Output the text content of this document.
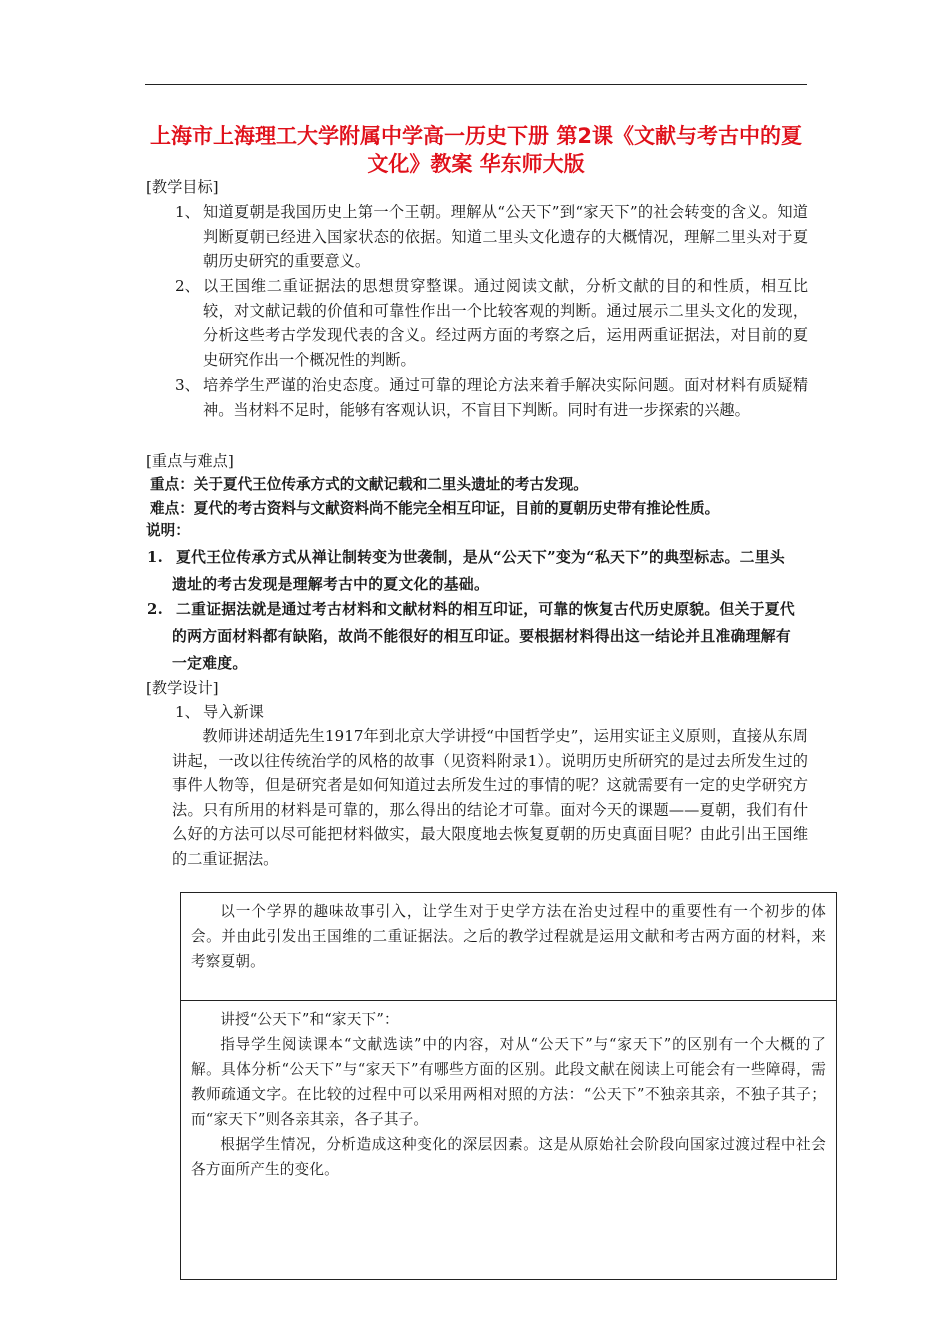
上海市上海理工大学附属中学高一历史下册 第2课《文献与考古中的夏文化》教案 华东师大版
[教学目标]
1、 知道夏朝是我国历史上第一个王朝。理解从“公天下”到“家天下”的社会转变的含义。知道判断夏朝已经进入国家状态的依据。知道二里头文化遗存的大概情况，理解二里头对于夏朝历史研究的重要意义。

2、 以王国维二重证据法的思想贯穿整课。通过阅读文献，分析文献的目的和性质，相互比较，对文献记载的价值和可靠性作出一个比较客观的判断。通过展示二里头文化的发现，分析这些考古学发现代表的含义。经过两方面的考察之后，运用两重证据法，对目前的夏史研究作出一个概况性的判断。

3、 培养学生严谨的治史态度。通过可靠的理论方法来着手解决实际问题。面对材料有质疑精神。当材料不足时，能够有客观认识，不盲目下判断。同时有进一步探索的兴趣。

[重点与难点]
重点：关于夏代王位传承方式的文献记载和二里头遗址的考古发现。
难点：夏代的考古资料与文献资料尚不能完全相互印证，目前的夏朝历史带有推论性质。
说明：
1. 夏代王位传承方式从禅让制转变为世袭制，是从“公天下”变为“私天下”的典型标志。二里头遗址的考古发现是理解考古中的夏文化的基础。

2. 二重证据法就是通过考古材料和文献材料的相互印证，可靠的恢复古代历史原貌。但关于夏代的两方面材料都有缺陷，故尚不能很好的相互印证。要根据材料得出这一结论并且准确理解有一定难度。

[教学设计]
1、 导入新课

教师讲述胡适先生1917年到北京大学讲授“中国哲学史”，运用实证主义原则，直接从东周讲起，一改以往传统治学的风格的故事（见资料附录1）。说明历史所研究的是过去所发生过的事件人物等，但是研究者是如何知道过去所发生过的事情的呢？这就需要有一定的史学研究方法。只有所用的材料是可靠的，那么得出的结论才可靠。面对今天的课题——夏朝，我们有什么好的方法可以尽可能把材料做实，最大限度地去恢复夏朝的历史真面目呢？由此引出王国维的二重证据法。

以一个学界的趣味故事引入，让学生对于史学方法在治史过程中的重要性有一个初步的体会。并由此引发出王国维的二重证据法。之后的教学过程就是运用文献和考古两方面的材料，来考察夏朝。

讲授“公天下”和“家天下”：

指导学生阅读课本“文献选读”中的内容，对从“公天下”与“家天下”的区别有一个大概的了解。具体分析“公天下”与“家天下”有哪些方面的区别。此段文献在阅读上可能会有一些障碍，需教师疏通文字。在比较的过程中可以采用两相对照的方法：“公天下”不独亲其亲，不独子其子；而“家天下”则各亲其亲，各子其子。

根据学生情况，分析造成这种变化的深层因素。这是从原始社会阶段向国家过渡过程中社会各方面所产生的变化。
